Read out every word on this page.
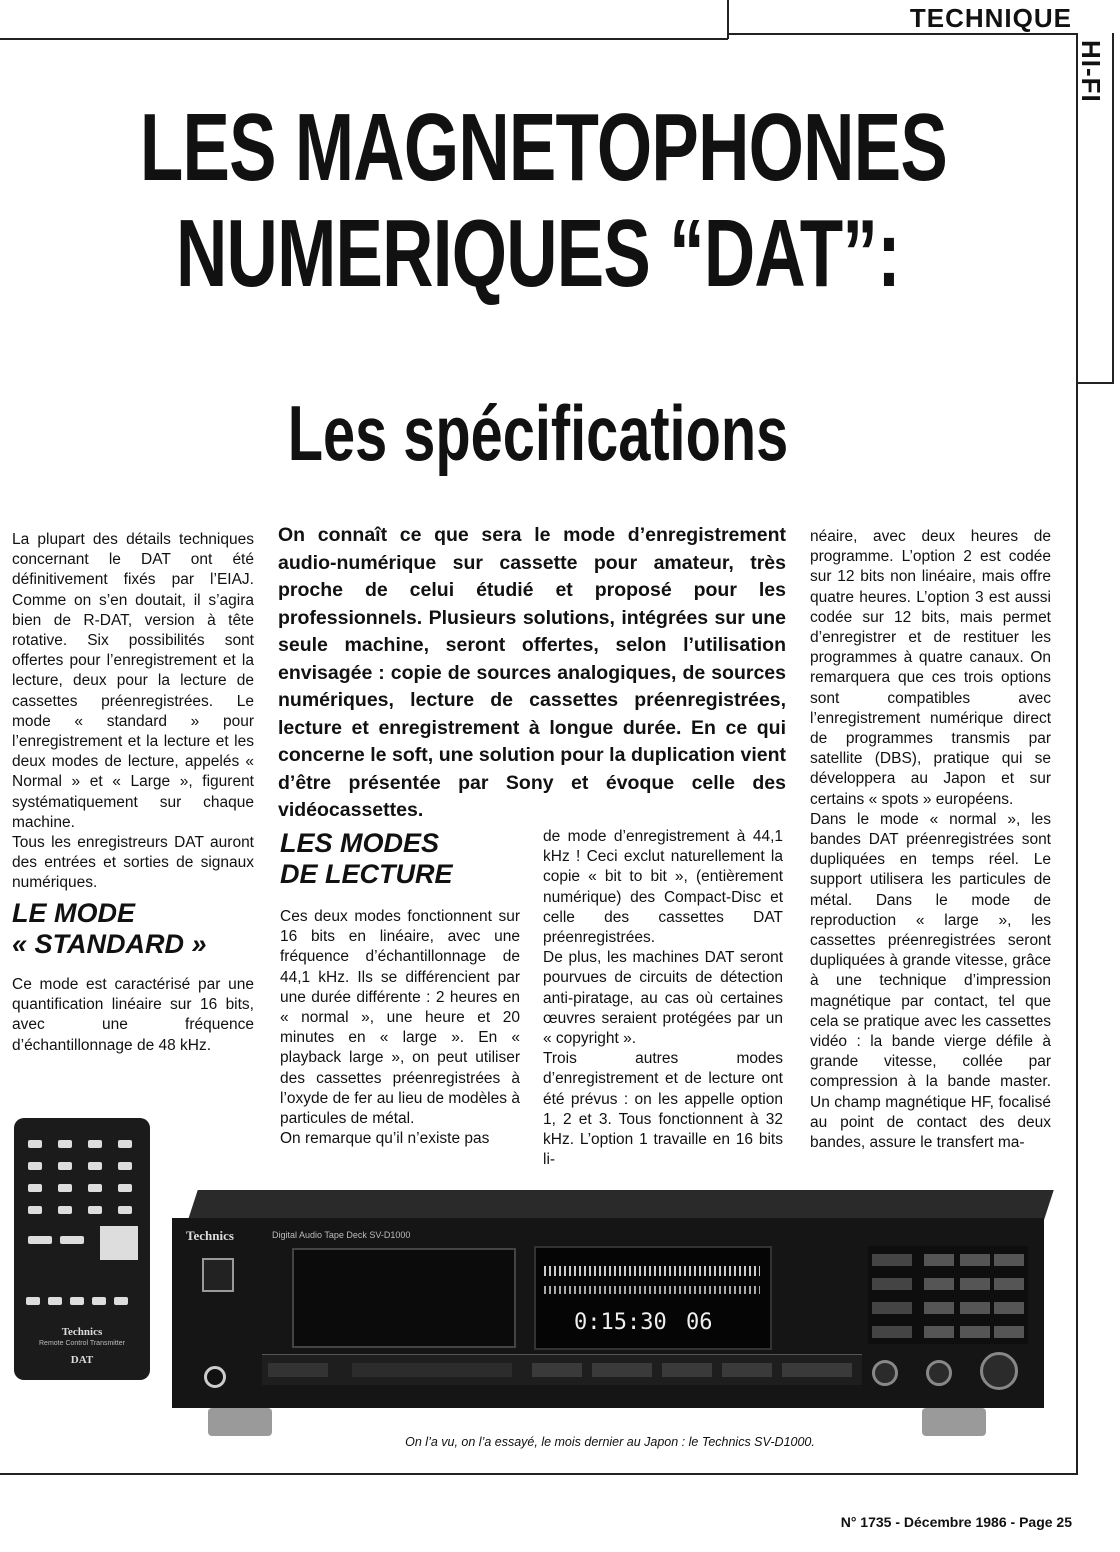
TECHNIQUE
HI-FI
LES MAGNETOPHONES
NUMERIQUES “DAT”:
Les spécifications

La plupart des détails techniques concernant le DAT ont été définitivement fixés par l’EIAJ. Comme on s’en doutait, il s’agira bien de R-DAT, version à tête rotative. Six possibilités sont offertes pour l’enregistrement et la lecture, deux pour la lecture de cassettes préenregistrées. Le mode « standard » pour l’enregistrement et la lecture et les deux modes de lecture, appelés « Normal » et « Large », figurent systématiquement sur chaque machine.

Tous les enregistreurs DAT auront des entrées et sorties de signaux numériques.

LE MODE
« STANDARD »
Ce mode est caractérisé par une quantification linéaire sur 16 bits, avec une fréquence d’échantillonnage de 48 kHz.
On connaît ce que sera le mode d’enregistrement audio-numérique sur cassette pour amateur, très proche de celui étudié et proposé pour les professionnels. Plusieurs solutions, intégrées sur une seule machine, seront offertes, selon l’utilisation envisagée : copie de sources analogiques, de sources numériques, lecture de cassettes préenregistrées, lecture et enregistrement à longue durée. En ce qui concerne le soft, une solution pour la duplication vient d’être présentée par Sony et évoque celle des vidéocassettes.
LES MODES
DE LECTURE

Ces deux modes fonctionnent sur 16 bits en linéaire, avec une fréquence d’échantillonnage de 44,1 kHz. Ils se différencient par une durée différente : 2 heures en « normal », une heure et 20 minutes en « large ». En « playback large », on peut utiliser des cassettes préenregistrées à l’oxyde de fer au lieu de modèles à particules de métal.

On remarque qu’il n’existe pas

de mode d’enregistrement à 44,1 kHz ! Ceci exclut naturellement la copie « bit to bit », (entièrement numérique) des Compact-Disc et celle des cassettes DAT préenregistrées.

De plus, les machines DAT seront pourvues de circuits de détection anti-piratage, au cas où certaines œuvres seraient protégées par un « copyright ».

Trois autres modes d’enregistrement et de lecture ont été prévus : on les appelle option 1, 2 et 3. Tous fonctionnent à 32 kHz. L’option 1 travaille en 16 bits li-

néaire, avec deux heures de programme. L’option 2 est codée sur 12 bits non linéaire, mais offre quatre heures. L’option 3 est aussi codée sur 12 bits, mais permet d’enregistrer et de restituer les programmes à quatre canaux. On remarquera que ces trois options sont compatibles avec l’enregistrement numérique direct de programmes transmis par satellite (DBS), pratique qui se développera au Japon et sur certains « spots » européens.

Dans le mode « normal », les bandes DAT préenregistrées sont dupliquées en temps réel. Le support utilisera les particules de métal. Dans le mode de reproduction « large », les cassettes préenregistrées seront dupliquées à grande vitesse, grâce à une technique d’impression magnétique par contact, tel que cela se pratique avec les cassettes vidéo : la bande vierge défile à grande vitesse, collée par compression à la bande master. Un champ magnétique HF, focalisé au point de contact des deux bandes, assure le transfert ma-

Technics
Remote Control Transmitter
DAT
Technics	Digital Audio Tape Deck SV-D1000
0:15:30 06
On l’a vu, on l’a essayé, le mois dernier au Japon : le Technics SV-D1000.
N° 1735 - Décembre 1986 - Page 25
